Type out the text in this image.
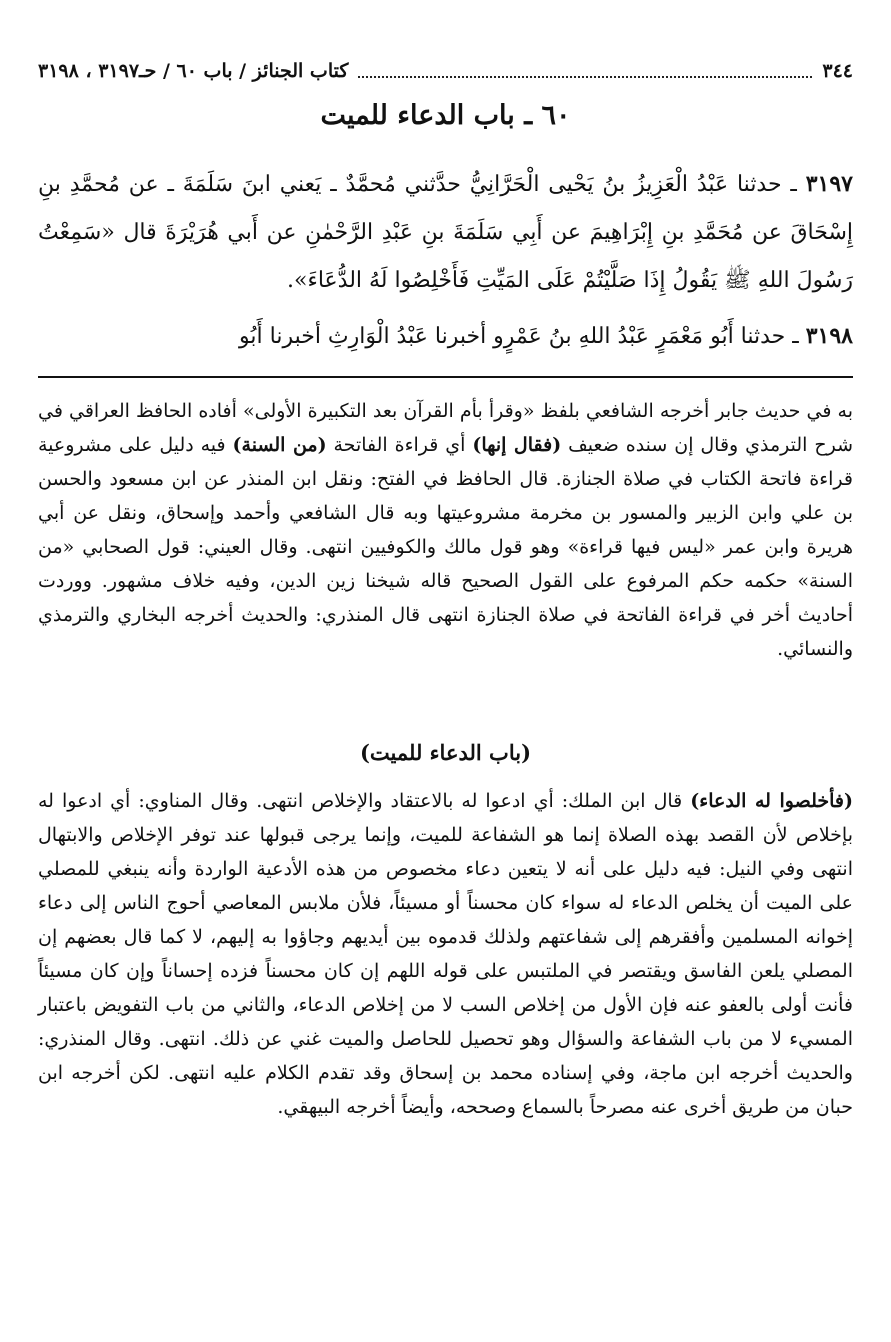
٣٤٤
كتاب الجنائز / باب ٦٠ / حـ٣١٩٧ ، ٣١٩٨
٦٠ ـ باب الدعاء للميت
٣١٩٧ ـ حدثنا عَبْدُ الْعَزِيزُ بنُ يَحْيى الْحَرَّانِيُّ حدَّثني مُحمَّدٌ ـ يَعني ابنَ سَلَمَةَ ـ عن مُحمَّدِ بنِ إِسْحَاقَ عن مُحَمَّدِ بنِ إِبْرَاهِيمَ عن أَبِي سَلَمَةَ بنِ عَبْدِ الرَّحْمٰنِ عن أَبي هُرَيْرَةَ قال «سَمِعْتُ رَسُولَ اللهِ ﷺ يَقُولُ إِذَا صَلَّيْتُمْ عَلَى المَيِّتِ فَأَخْلِصُوا لَهُ الدُّعَاءَ».
٣١٩٨ ـ حدثنا أَبُو مَعْمَرٍ عَبْدُ اللهِ بنُ عَمْرٍو أخبرنا عَبْدُ الْوَارِثِ أخبرنا أَبُو
به في حديث جابر أخرجه الشافعي بلفظ «وقرأ بأم القرآن بعد التكبيرة الأولى» أفاده الحافظ العراقي في شرح الترمذي وقال إن سنده ضعيف (فقال إنها) أي قراءة الفاتحة (من السنة) فيه دليل على مشروعية قراءة فاتحة الكتاب في صلاة الجنازة. قال الحافظ في الفتح: ونقل ابن المنذر عن ابن مسعود والحسن بن علي وابن الزبير والمسور بن مخرمة مشروعيتها وبه قال الشافعي وأحمد وإسحاق، ونقل عن أبي هريرة وابن عمر «ليس فيها قراءة» وهو قول مالك والكوفيين انتهى. وقال العيني: قول الصحابي «من السنة» حكمه حكم المرفوع على القول الصحيح قاله شيخنا زين الدين، وفيه خلاف مشهور. ووردت أحاديث أخر في قراءة الفاتحة في صلاة الجنازة انتهى قال المنذري: والحديث أخرجه البخاري والترمذي والنسائي.
(باب الدعاء للميت)
(فأخلصوا له الدعاء) قال ابن الملك: أي ادعوا له بالاعتقاد والإخلاص انتهى. وقال المناوي: أي ادعوا له بإخلاص لأن القصد بهذه الصلاة إنما هو الشفاعة للميت، وإنما يرجى قبولها عند توفر الإخلاص والابتهال انتهى وفي النيل: فيه دليل على أنه لا يتعين دعاء مخصوص من هذه الأدعية الواردة وأنه ينبغي للمصلي على الميت أن يخلص الدعاء له سواء كان محسناً أو مسيئاً، فلأن ملابس المعاصي أحوج الناس إلى دعاء إخوانه المسلمين وأفقرهم إلى شفاعتهم ولذلك قدموه بين أيديهم وجاؤوا به إليهم، لا كما قال بعضهم إن المصلي يلعن الفاسق ويقتصر في الملتبس على قوله اللهم إن كان محسناً فزده إحساناً وإن كان مسيئاً فأنت أولى بالعفو عنه فإن الأول من إخلاص السب لا من إخلاص الدعاء، والثاني من باب التفويض باعتبار المسيء لا من باب الشفاعة والسؤال وهو تحصيل للحاصل والميت غني عن ذلك. انتهى. وقال المنذري: والحديث أخرجه ابن ماجة، وفي إسناده محمد بن إسحاق وقد تقدم الكلام عليه انتهى. لكن أخرجه ابن حبان من طريق أخرى عنه مصرحاً بالسماع وصححه، وأيضاً أخرجه البيهقي.
